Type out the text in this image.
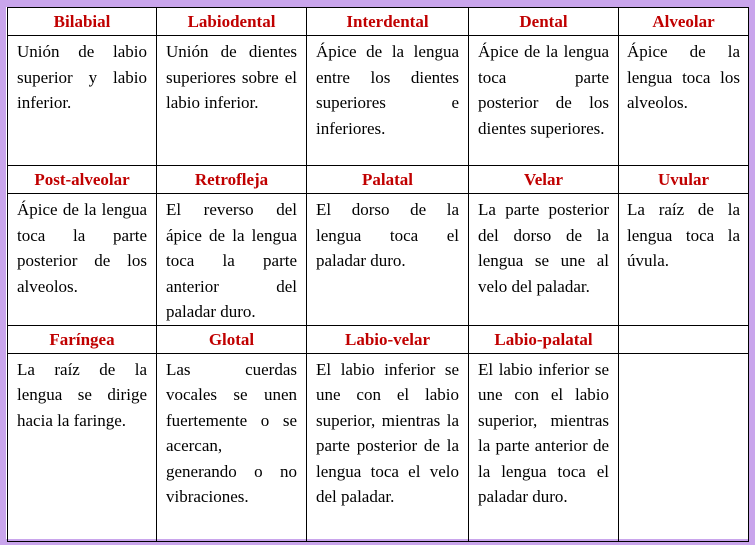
Bilabial	Labiodental	Interdental	Dental	Alveolar

Unión de labio superior y labio inferior.	Unión de dientes superiores sobre el labio inferior.	Ápice de la lengua entre los dientes superiores e inferiores.	Ápice de la lengua toca parte posterior de los dientes superiores.	Ápice de la lengua toca los alveolos.

Post-alveolar	Retrofleja	Palatal	Velar	Uvular

Ápice de la lengua toca la parte posterior de los alveolos.	El reverso del ápice de la lengua toca la parte anterior del paladar duro.	El dorso de la lengua toca el paladar duro.	La parte posterior del dorso de la lengua se une al velo del paladar.	La raíz de la lengua toca la úvula.

Faríngea	Glotal	Labio-velar	Labio-palatal	

La raíz de la lengua se dirige hacia la faringe.	Las cuerdas vocales se unen fuertemente o se acercan, generando o no vibraciones.	El labio inferior se une con el labio superior, mientras la parte posterior de la lengua toca el velo del paladar.	El labio inferior se une con el labio superior, mientras la parte anterior de la lengua toca el paladar duro.	
